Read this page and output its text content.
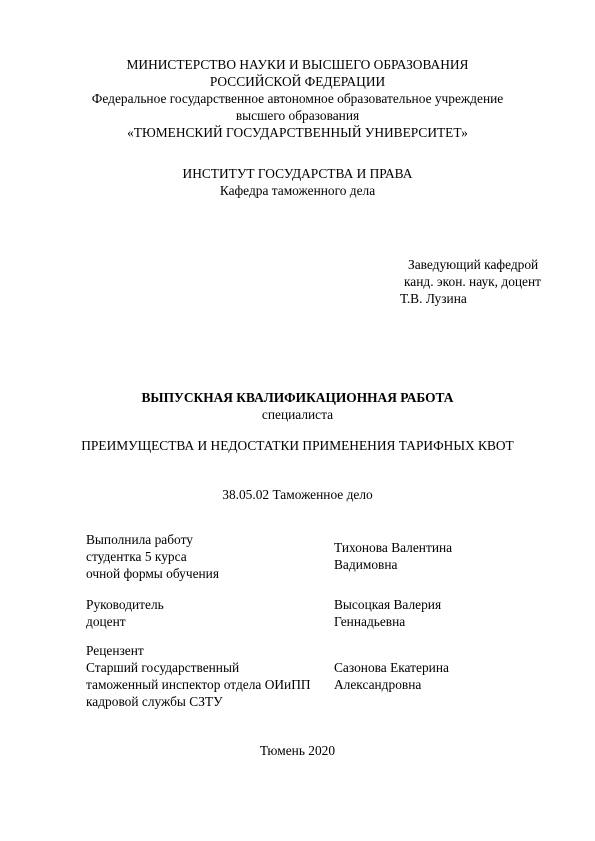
МИНИСТЕРСТВО НАУКИ И ВЫСШЕГО ОБРАЗОВАНИЯ
РОССИЙСКОЙ ФЕДЕРАЦИИ
Федеральное государственное автономное образовательное учреждение
высшего образования
«ТЮМЕНСКИЙ ГОСУДАРСТВЕННЫЙ УНИВЕРСИТЕТ»
ИНСТИТУТ ГОСУДАРСТВА И ПРАВА
Кафедра таможенного дела
Заведующий кафедрой
канд. экон. наук, доцент
Т.В. Лузина
ВЫПУСКНАЯ КВАЛИФИКАЦИОННАЯ РАБОТА
специалиста
ПРЕИМУЩЕСТВА И НЕДОСТАТКИ ПРИМЕНЕНИЯ ТАРИФНЫХ КВОТ
38.05.02 Таможенное дело
Выполнила работу
студентка 5 курса
очной формы обучения
Тихонова Валентина
Вадимовна
Руководитель
доцент
Высоцкая Валерия
Геннадьевна
Рецензент
Старший государственный
таможенный инспектор отдела ОИиПП
кадровой службы СЗТУ
Сазонова Екатерина
Александровна
Тюмень 2020
